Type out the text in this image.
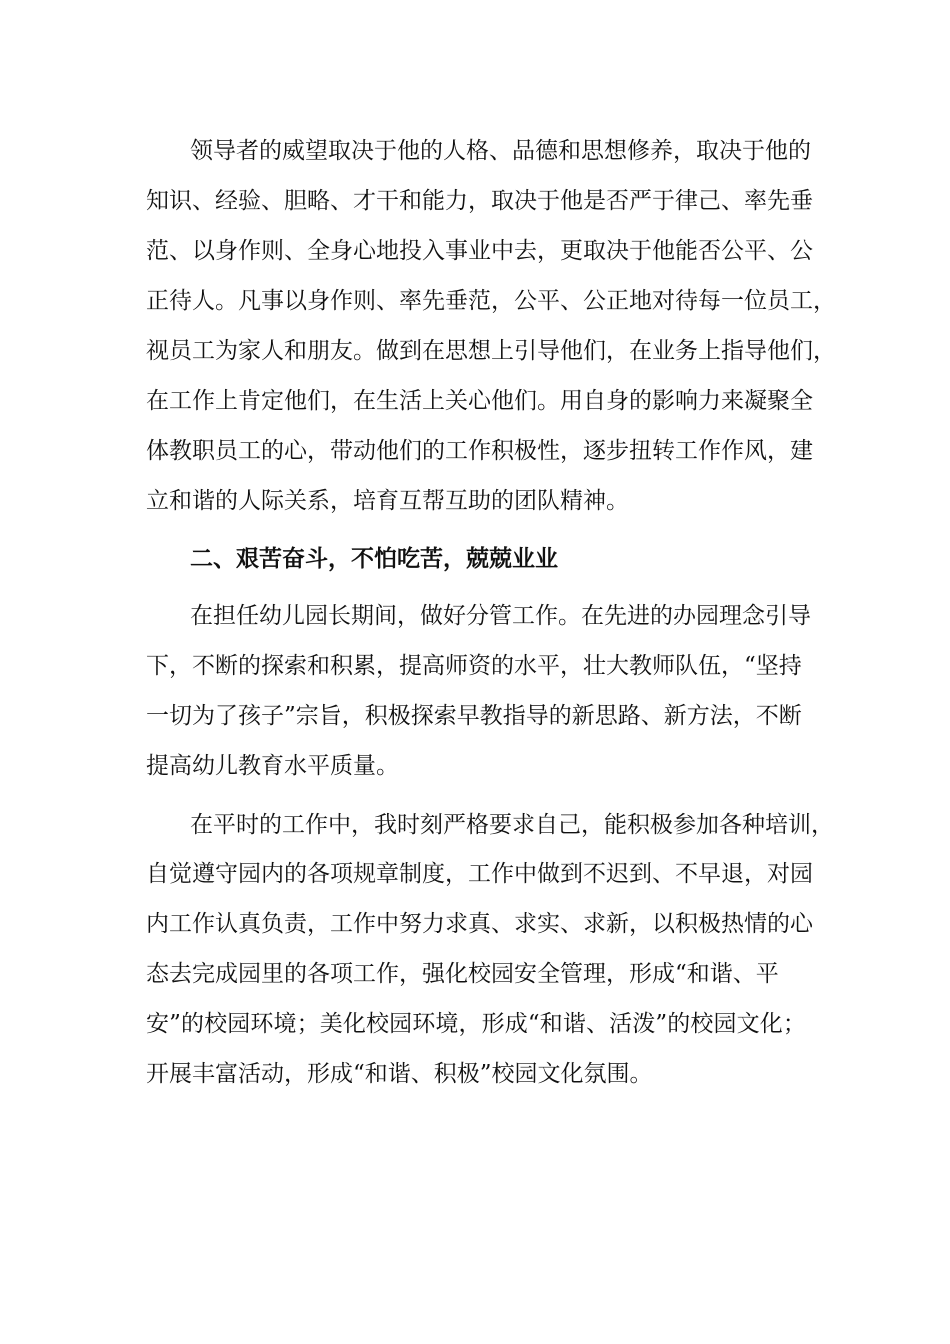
领 导 者 的 威 望 取 决 于 他 的 人 格 、 品 德 和 思 想 修 养 ， 取 决 于 他 的
知 识 、 经 验 、 胆 略 、 才 干 和 能 力 ， 取 决 于 他 是 否 严 于 律 己 、 率 先 垂
范 、 以 身 作 则 、 全 身 心 地 投 入 事 业 中 去 ， 更 取 决 于 他 能 否 公 平 、 公
正 待 人 。 凡 事 以 身 作 则 、 率 先 垂 范 ， 公 平 、 公 正 地 对 待 每 一 位 员 工 ，
视 员 工 为 家 人 和 朋 友 。 做 到 在 思 想 上 引 导 他 们 ， 在 业 务 上 指 导 他 们 ，
在 工 作 上 肯 定 他 们 ， 在 生 活 上 关 心 他 们 。 用 自 身 的 影 响 力 来 凝 聚 全
体 教 职 员 工 的 心 ， 带 动 他 们 的 工 作 积 极 性 ， 逐 步 扭 转 工 作 作 风 ， 建
立和谐的人际关系，培育互帮互助的团队精神。
二、艰苦奋斗，不怕吃苦，兢兢业业
在 担 任 幼 儿 园 长 期 间 ， 做 好 分 管 工 作 。 在 先 进 的 办 园 理 念 引 导
下 ， 不 断 的 探 索 和 积 累 ， 提 高 师 资 的 水 平 ， 壮 大 教 师 队 伍 ， “ 坚 持
一 切 为 了 孩 子 ” 宗 旨 ， 积 极 探 索 早 教 指 导 的 新 思 路 、 新 方 法 ， 不 断
提高幼儿教育水平质量。
在 平 时 的 工 作 中 ， 我 时 刻 严 格 要 求 自 己 ， 能 积 极 参 加 各 种 培 训 ，
自 觉 遵 守 园 内 的 各 项 规 章 制 度 ， 工 作 中 做 到 不 迟 到 、 不 早 退 ， 对 园
内 工 作 认 真 负 责 ， 工 作 中 努 力 求 真 、 求 实 、 求 新 ， 以 积 极 热 情 的 心
态 去 完 成 园 里 的 各 项 工 作 ， 强 化 校 园 安 全 管 理 ， 形 成 “ 和 谐 、 平
安 ” 的 校 园 环 境 ； 美 化 校 园 环 境 ， 形 成 “ 和 谐 、 活 泼 ” 的 校 园 文 化 ；
开展丰富活动，形成“和谐、积极”校园文化氛围。
